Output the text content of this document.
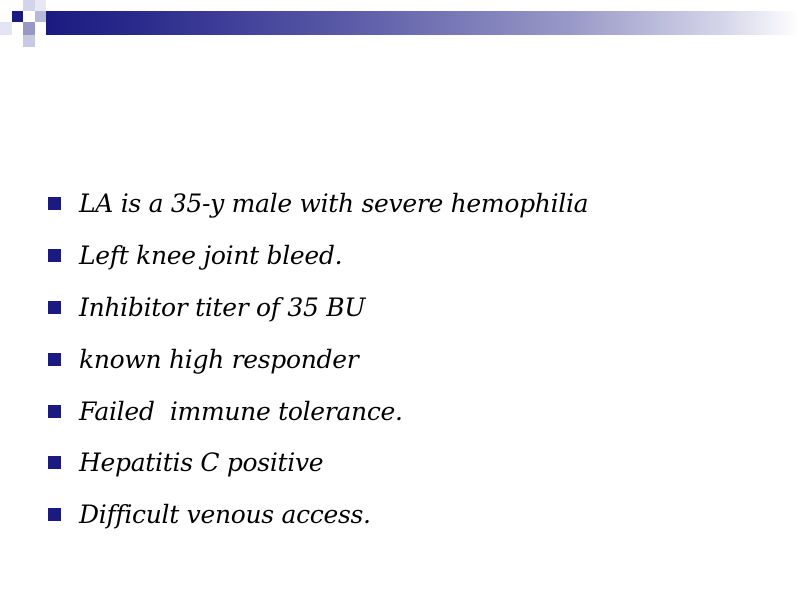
LA is a 35-y male with severe hemophilia
Left knee joint bleed.
Inhibitor titer of 35 BU
known high responder
Failed  immune tolerance.
Hepatitis C positive
Difficult venous access.
